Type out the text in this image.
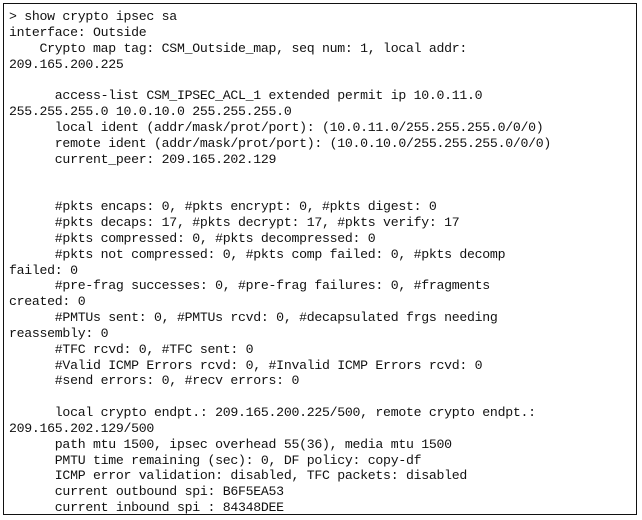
> show crypto ipsec sa
interface: Outside
Crypto map tag: CSM_Outside_map, seq num: 1, local addr:
209.165.200.225
access-list CSM_IPSEC_ACL_1 extended permit ip 10.0.11.0
255.255.255.0 10.0.10.0 255.255.255.0
local ident (addr/mask/prot/port): (10.0.11.0/255.255.255.0/0/0)
remote ident (addr/mask/prot/port): (10.0.10.0/255.255.255.0/0/0)
current_peer: 209.165.202.129
#pkts encaps: 0, #pkts encrypt: 0, #pkts digest: 0
#pkts decaps: 17, #pkts decrypt: 17, #pkts verify: 17
#pkts compressed: 0, #pkts decompressed: 0
#pkts not compressed: 0, #pkts comp failed: 0, #pkts decomp
failed: 0
#pre-frag successes: 0, #pre-frag failures: 0, #fragments
created: 0
#PMTUs sent: 0, #PMTUs rcvd: 0, #decapsulated frgs needing
reassembly: 0
#TFC rcvd: 0, #TFC sent: 0
#Valid ICMP Errors rcvd: 0, #Invalid ICMP Errors rcvd: 0
#send errors: 0, #recv errors: 0
local crypto endpt.: 209.165.200.225/500, remote crypto endpt.:
209.165.202.129/500
path mtu 1500, ipsec overhead 55(36), media mtu 1500
PMTU time remaining (sec): 0, DF policy: copy-df
ICMP error validation: disabled, TFC packets: disabled
current outbound spi: B6F5EA53
current inbound spi : 84348DEE
